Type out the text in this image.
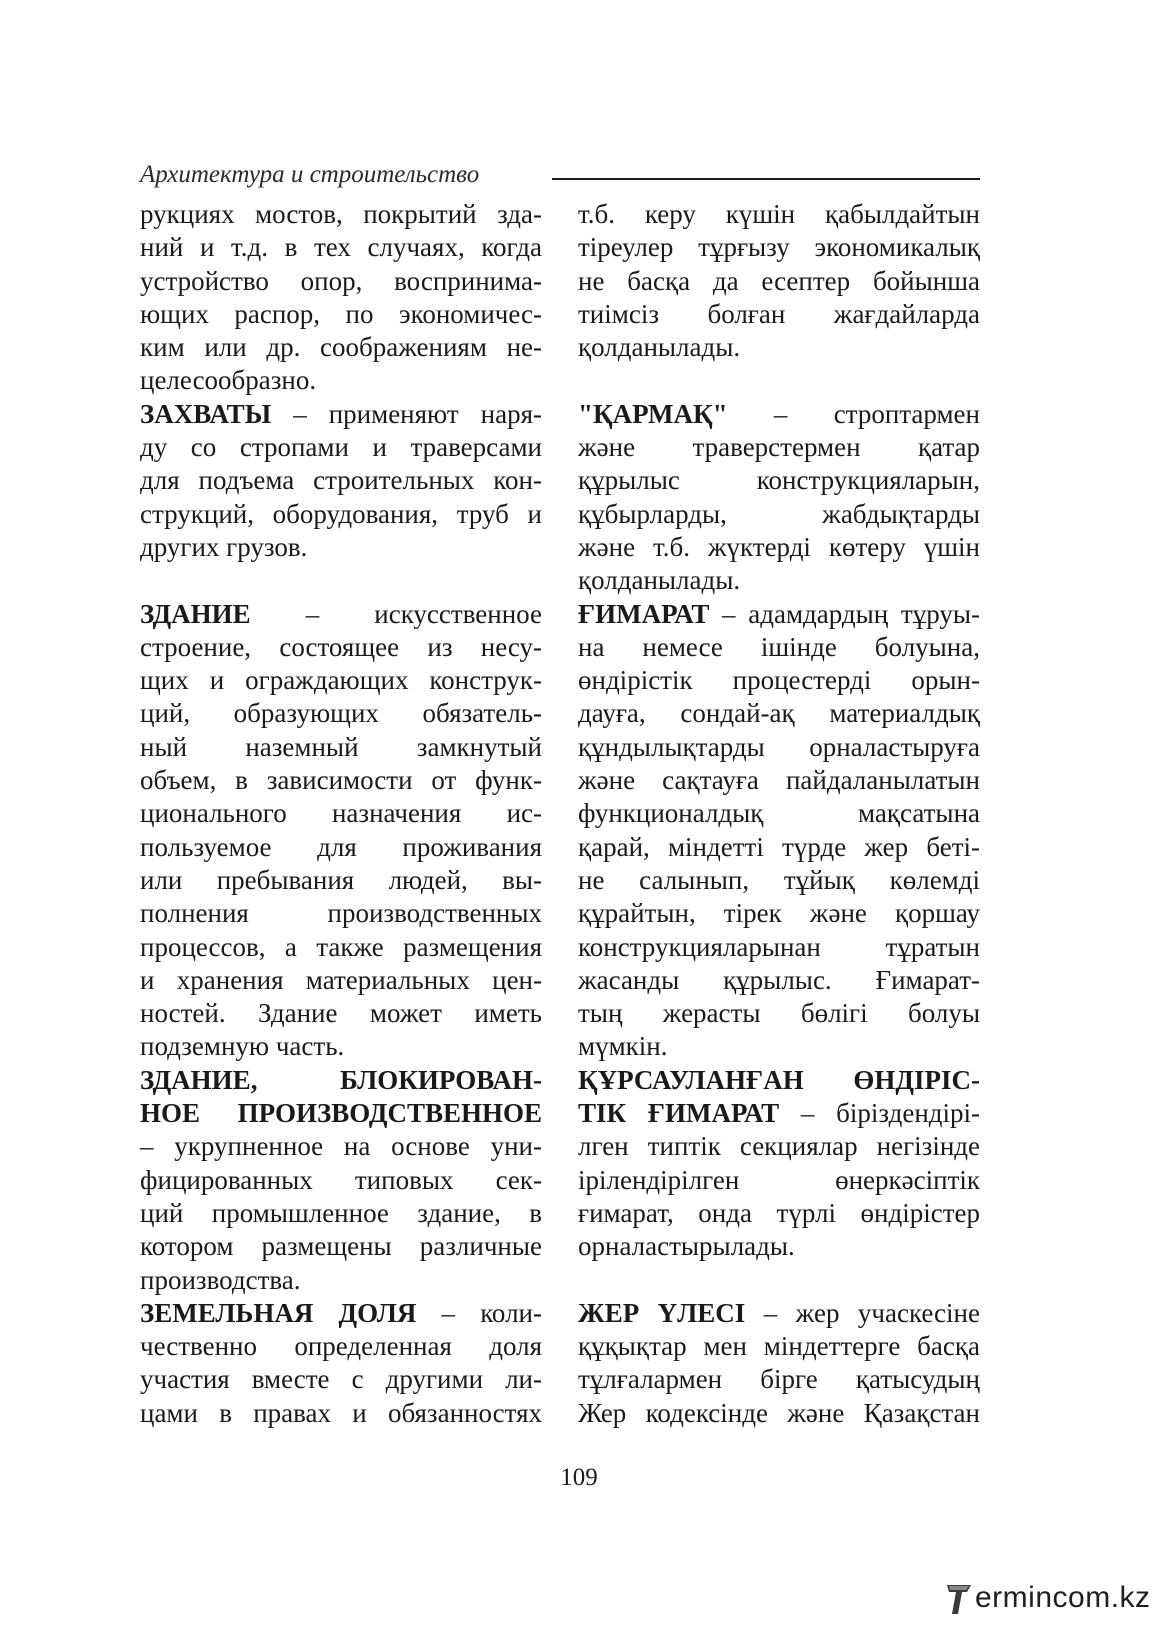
Архитектура и строительство
рукциях мостов, покрытий зда-
ний и т.д. в тех случаях, когда
устройство опор, воспринима-
ющих распор, по экономичес-
ким или др. соображениям не-
целесообразно.
ЗАХВАТЫ – применяют наря-
ду со стропами и траверсами
для подъема строительных кон-
струкций, оборудования, труб и
других грузов.
ЗДАНИЕ – искусственное
строение, состоящее из несу-
щих и ограждающих конструк-
ций, образующих обязатель-
ный наземный замкнутый
объем, в зависимости от функ-
ционального назначения ис-
пользуемое для проживания
или пребывания людей, вы-
полнения производственных
процессов, а также размещения
и хранения материальных цен-
ностей. Здание может иметь
подземную часть.
ЗДАНИЕ, БЛОКИРОВАН-
НОЕ ПРОИЗВОДСТВЕННОЕ
– укрупненное на основе уни-
фицированных типовых сек-
ций промышленное здание, в
котором размещены различные
производства.
ЗЕМЕЛЬНАЯ ДОЛЯ – коли-
чественно определенная доля
участия вместе с другими ли-
цами в правах и обязанностях
т.б. керу күшін қабылдайтын
тіреулер тұрғызу экономикалық
не басқа да есептер бойынша
тиімсіз болған жағдайларда
қолданылады.
"ҚАРМАҚ" – строптармен
және траверстермен қатар
құрылыс конструкцияларын,
құбырларды, жабдықтарды
және т.б. жүктерді көтеру үшін
қолданылады.
ҒИМАРАТ – адамдардың тұруы-
на немесе ішінде болуына,
өндірістік процестерді орын-
дауға, сондай-ақ материалдық
құндылықтарды орналастыруға
және сақтауға пайдаланылатын
функционалдық мақсатына
қарай, міндетті түрде жер беті-
не салынып, тұйық көлемді
құрайтын, тірек және қоршау
конструкцияларынан тұратын
жасанды құрылыс. Ғимарат-
тың жерасты бөлігі болуы
мүмкін.
ҚҰРСАУЛАНҒАН ӨНДІРІС-
ТІК ҒИМАРАТ – біріздендірі-
лген типтік секциялар негізінде
ірілендірілген өнеркәсіптік
ғимарат, онда түрлі өндірістер
орналастырылады.
ЖЕР ҮЛЕСІ – жер учаскесіне
құқықтар мен міндеттерге басқа
тұлғалармен бірге қатысудың
Жер кодексінде және Қазақстан
109
ermincom.kz
